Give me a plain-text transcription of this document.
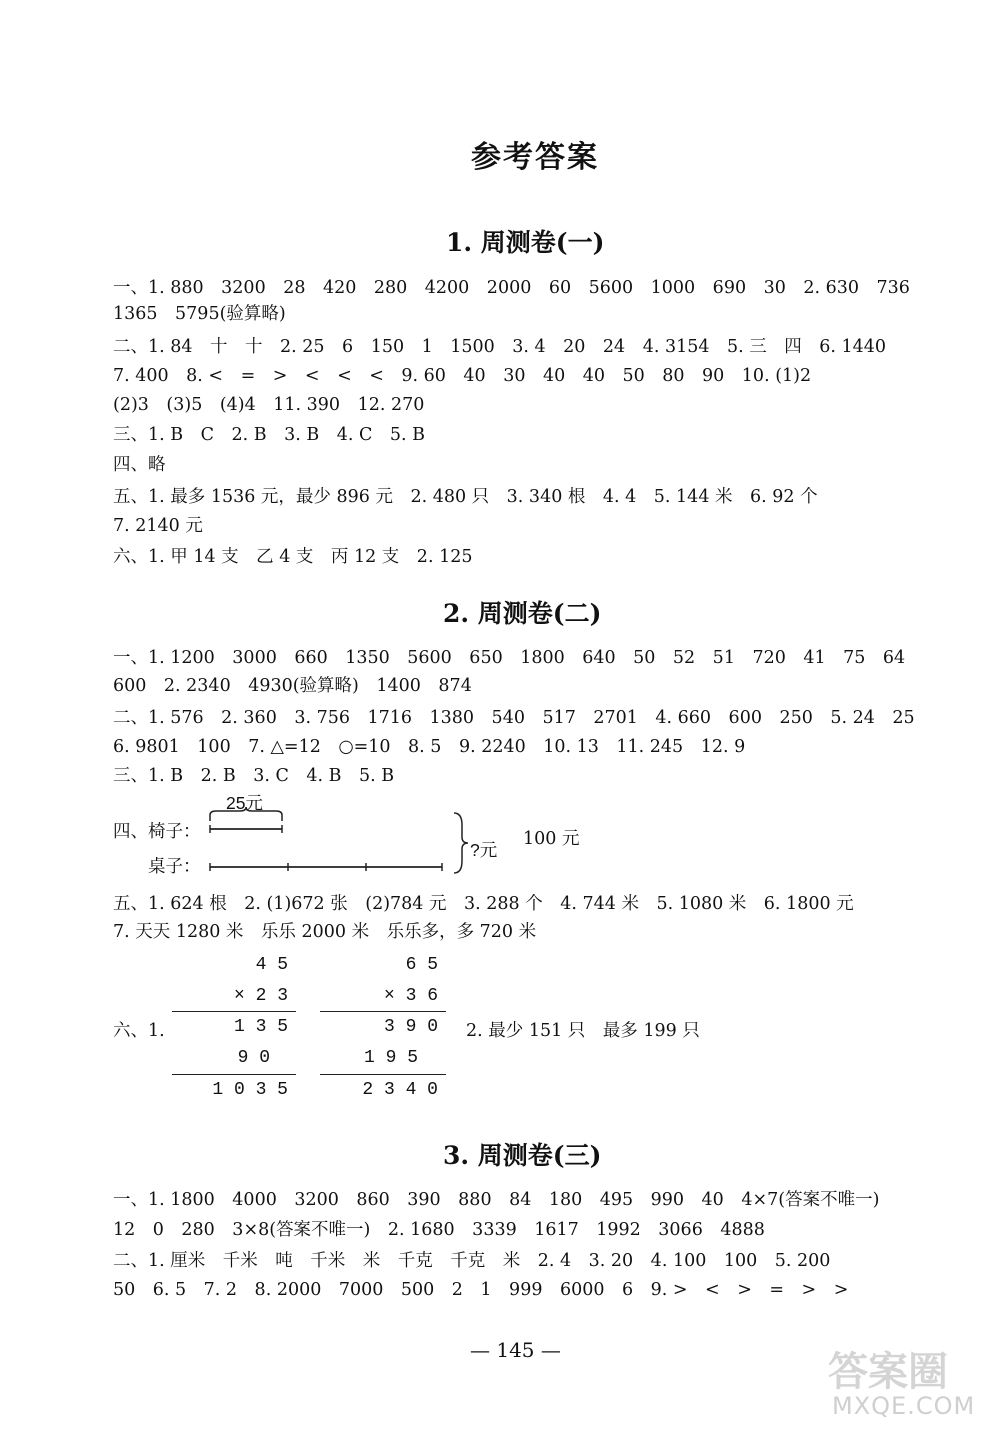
参考答案
1. 周测卷(一)
一、1. 880　3200　28　420　280　4200　2000　60　5600　1000　690　30　2. 630　736
1365　5795(验算略)
二、1. 84　十　十　2. 25　6　150　1　1500　3. 4　20　24　4. 3154　5. 三　四　6. 1440
7. 400　8. <　=　>　<　<　<　9. 60　40　30　40　40　50　80　90　10. (1)2
(2)3　(3)5　(4)4　11. 390　12. 270
三、1. B　C　2. B　3. B　4. C　5. B
四、略
五、1. 最多 1536 元，最少 896 元　2. 480 只　3. 340 根　4. 4　5. 144 米　6. 92 个
7. 2140 元
六、1. 甲 14 支　乙 4 支　丙 12 支　2. 125
2. 周测卷(二)
一、1. 1200　3000　660　1350　5600　650　1800　640　50　52　51　720　41　75　64
600　2. 2340　4930(验算略)　1400　874
二、1. 576　2. 360　3. 756　1716　1380　540　517　2701　4. 660　600　250　5. 24　25
6. 9801　100　7. △=12　○=10　8. 5　9. 2240　10. 13　11. 245　12. 9
三、1. B　2. B　3. C　4. B　5. B
四、 椅子：
桌子：
25元
?元
100 元
五、1. 624 根　2. (1)672 张　(2)784 元　3. 288 个　4. 744 米　5. 1080 米　6. 1800 元
7. 天天 1280 米　乐乐 2000 米　乐乐多，多 720 米
六、1.
4 5
× 2 3
1 3 5
9 0
1 0 3 5
6 5
× 3 6
3 9 0
1 9 5
2 3 4 0
2. 最少 151 只　最多 199 只
3. 周测卷(三)
一、1. 1800　4000　3200　860　390　880　84　180　495　990　40　4×7(答案不唯一)
12　0　280　3×8(答案不唯一)　2. 1680　3339　1617　1992　3066　4888
二、1. 厘米　千米　吨　千米　米　千克　千克　米　2. 4　3. 20　4. 100　100　5. 200
50　6. 5　7. 2　8. 2000　7000　500　2　1　999　6000　6　9. >　<　>　=　>　>
— 145 —	答案圈
MXQE.COM
